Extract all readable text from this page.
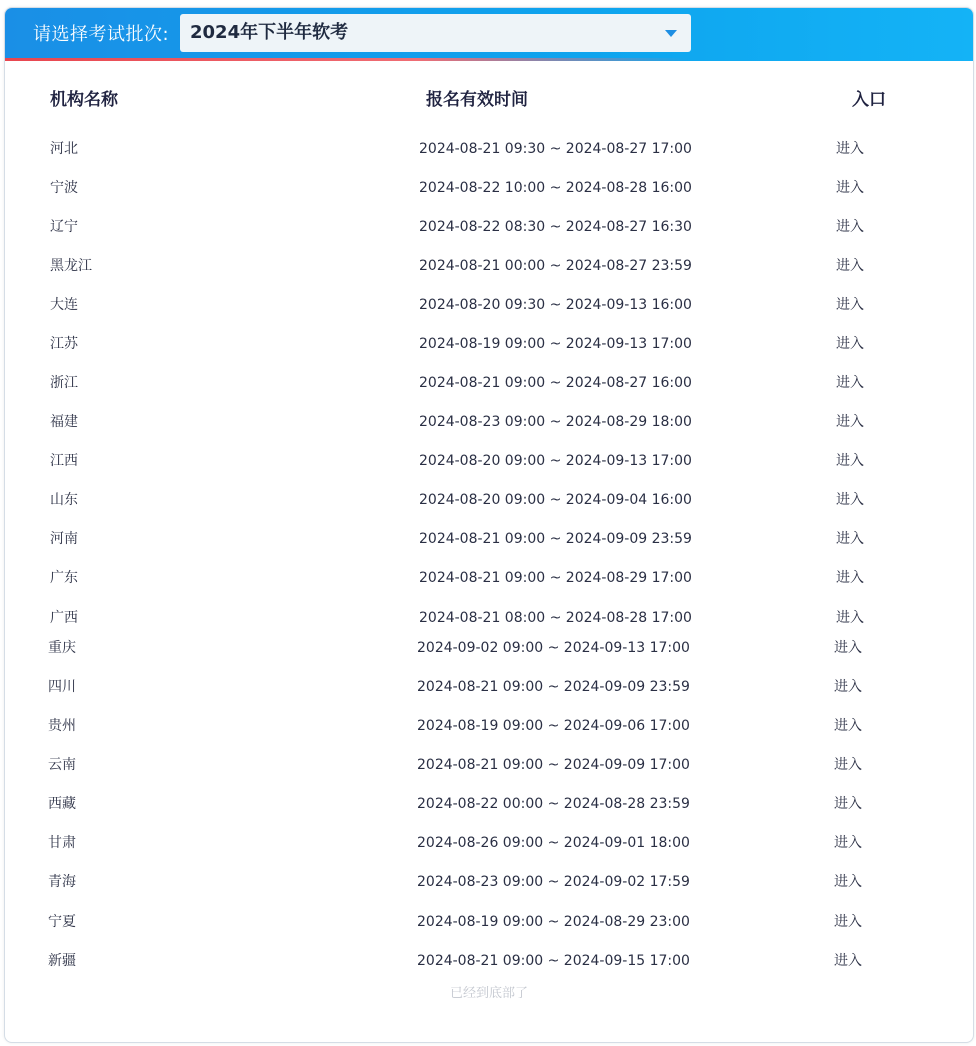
请选择考试批次: 2024年下半年软考
机构名称	报名有效时间	入口
河北	2024-08-21 09:30 ~ 2024-08-27 17:00	进入
宁波	2024-08-22 10:00 ~ 2024-08-28 16:00	进入
辽宁	2024-08-22 08:30 ~ 2024-08-27 16:30	进入
黑龙江	2024-08-21 00:00 ~ 2024-08-27 23:59	进入
大连	2024-08-20 09:30 ~ 2024-09-13 16:00	进入
江苏	2024-08-19 09:00 ~ 2024-09-13 17:00	进入
浙江	2024-08-21 09:00 ~ 2024-08-27 16:00	进入
福建	2024-08-23 09:00 ~ 2024-08-29 18:00	进入
江西	2024-08-20 09:00 ~ 2024-09-13 17:00	进入
山东	2024-08-20 09:00 ~ 2024-09-04 16:00	进入
河南	2024-08-21 09:00 ~ 2024-09-09 23:59	进入
广东	2024-08-21 09:00 ~ 2024-08-29 17:00	进入
广西	2024-08-21 08:00 ~ 2024-08-28 17:00	进入
重庆	2024-09-02 09:00 ~ 2024-09-13 17:00	进入
四川	2024-08-21 09:00 ~ 2024-09-09 23:59	进入
贵州	2024-08-19 09:00 ~ 2024-09-06 17:00	进入
云南	2024-08-21 09:00 ~ 2024-09-09 17:00	进入
西藏	2024-08-22 00:00 ~ 2024-08-28 23:59	进入
甘肃	2024-08-26 09:00 ~ 2024-09-01 18:00	进入
青海	2024-08-23 09:00 ~ 2024-09-02 17:59	进入
宁夏	2024-08-19 09:00 ~ 2024-08-29 23:00	进入
新疆	2024-08-21 09:00 ~ 2024-09-15 17:00	进入
已经到底部了
